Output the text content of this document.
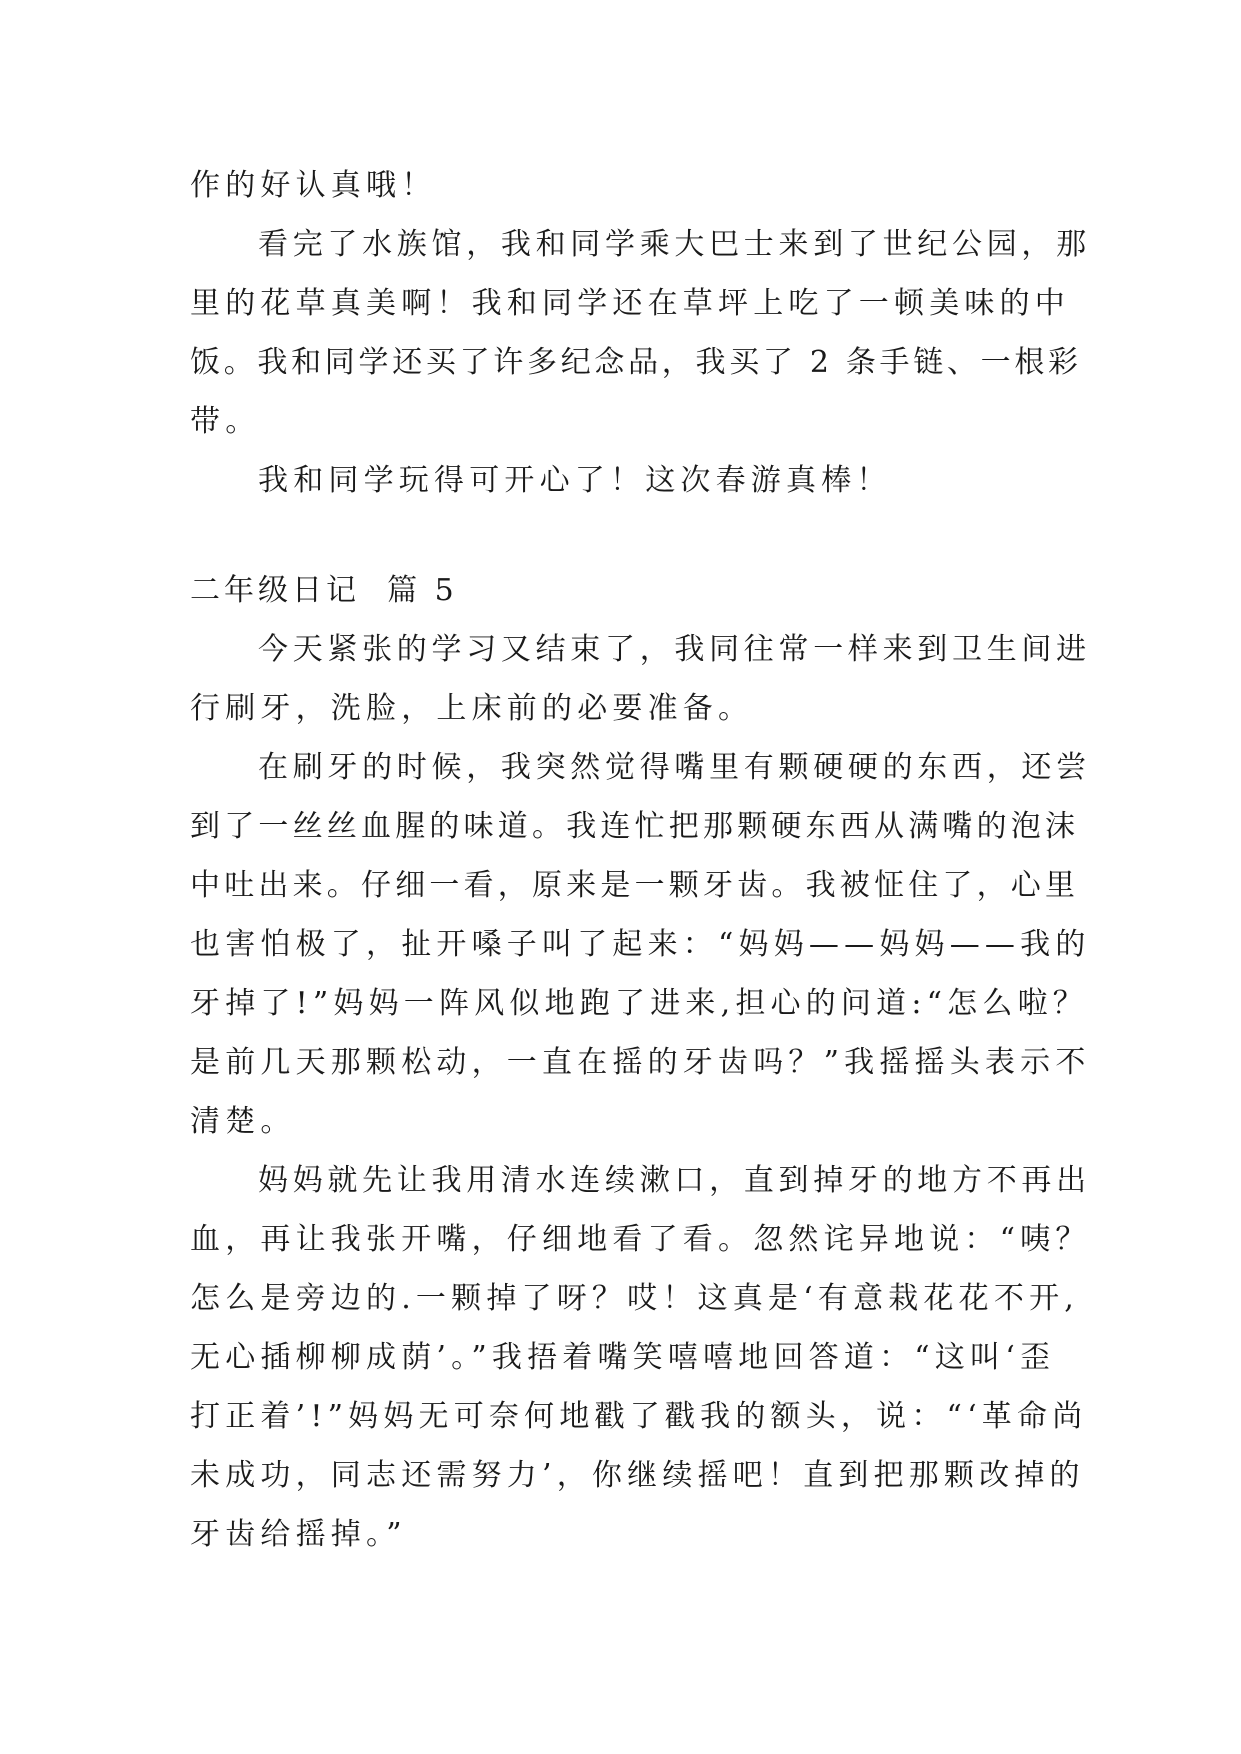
作的好认真哦！
看完了水族馆，我和同学乘大巴士来到了世纪公园，那
里的花草真美啊！我和同学还在草坪上吃了一顿美味的中
饭。我和同学还买了许多纪念品，我买了 2 条手链、一根彩
带。
我和同学玩得可开心了！这次春游真棒！
二年级日记  篇 5
今天紧张的学习又结束了，我同往常一样来到卫生间进
行刷牙，洗脸，上床前的必要准备。
在刷牙的时候，我突然觉得嘴里有颗硬硬的东西，还尝
到了一丝丝血腥的味道。我连忙把那颗硬东西从满嘴的泡沫
中吐出来。仔细一看，原来是一颗牙齿。我被怔住了，心里
也害怕极了，扯开嗓子叫了起来：“妈妈——妈妈——我的
牙掉了!”妈妈一阵风似地跑了进来,担心的问道:“怎么啦？
是前几天那颗松动，一直在摇的牙齿吗？”我摇摇头表示不
清楚。
妈妈就先让我用清水连续漱口，直到掉牙的地方不再出
血，再让我张开嘴，仔细地看了看。忽然诧异地说：“咦？
怎么是旁边的.一颗掉了呀？哎！这真是‘有意栽花花不开,
无心插柳柳成荫’。”我捂着嘴笑嘻嘻地回答道：“这叫‘歪
打正着’!”妈妈无可奈何地戳了戳我的额头，说：“‘革命尚
未成功，同志还需努力’，你继续摇吧！直到把那颗改掉的
牙齿给摇掉。”
